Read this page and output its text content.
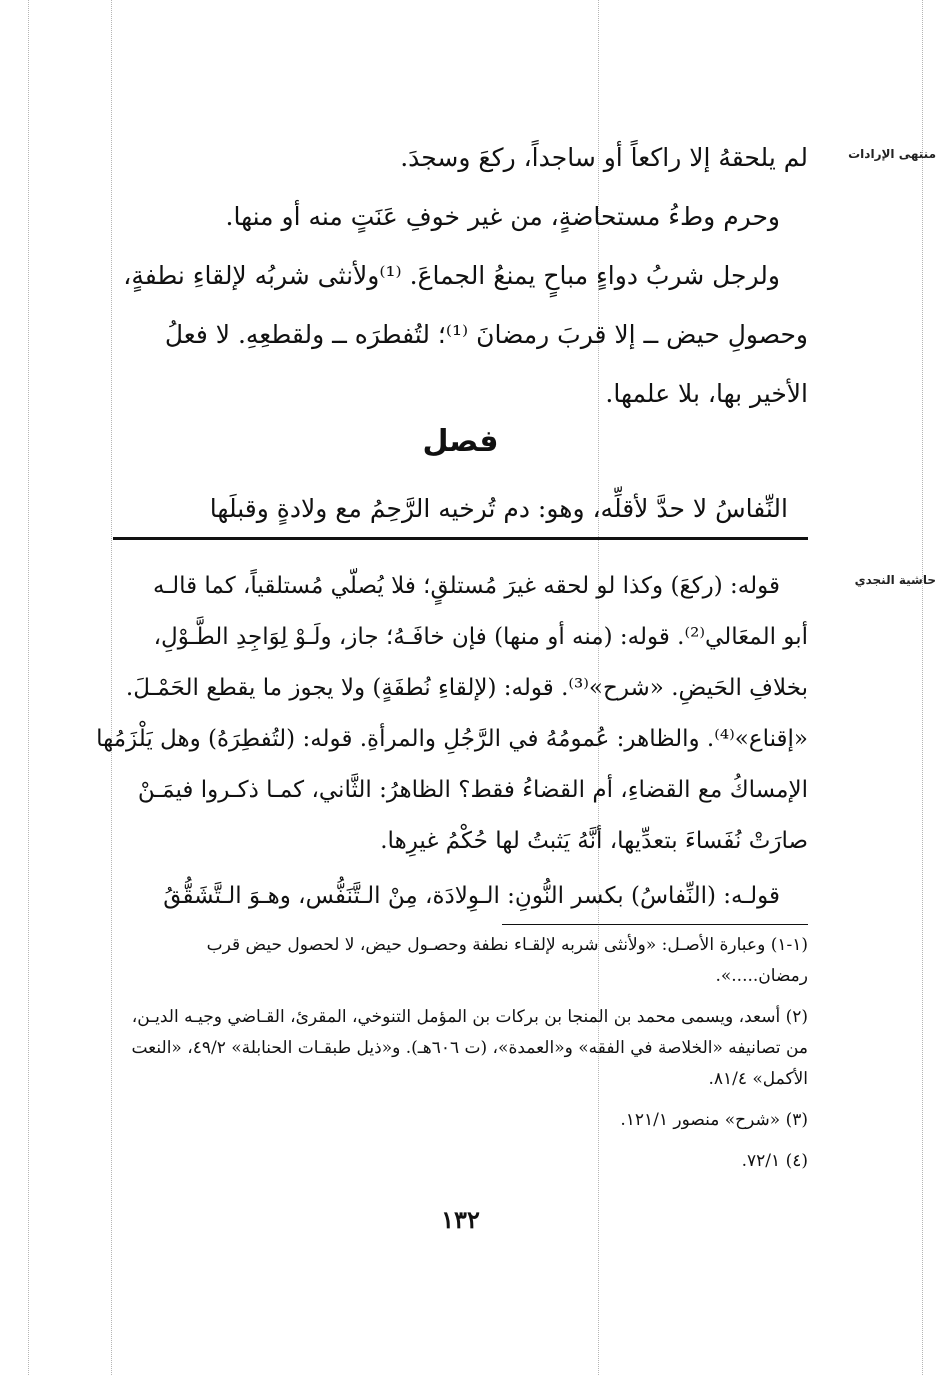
منتهى الإرادات
حاشية النجدي
لم يلحقهُ إلا راكعاً أو ساجداً، ركعَ وسجدَ.
وحرم وطءُ مستحاضةٍ، من غير خوفِ عَنَتٍ منه أو منها.
ولرجل شربُ دواءٍ مباحٍ يمنعُ الجماعَ. ⁽¹⁾ولأنثى شربُه لإلقاءِ نطفةٍ،
وحصولِ حيض ــ إلا قربَ رمضانَ ⁽¹⁾؛ لتُفطرَه ــ ولقطعِهِ. لا فعلُ
الأخير بها، بلا علمها.
فصل
النِّفاسُ لا حدَّ لأقلِّه، وهو: دم تُرخيه الرَّحِمُ مع ولادةٍ وقبلَها
قوله: (ركعَ) وكذا لو لحقه غيرَ مُستلقٍ؛ فلا يُصلّي مُستلقياً، كما قالـه
أبو المعَالي⁽²⁾. قوله: (منه أو منها) فإن خافَـهُ؛ جاز، ولَـوْ لِوَاجِدِ الطَّـوْلِ،
بخلافِ الحَيضِ. «شرح»⁽³⁾. قوله: (لإلقاءِ نُطفَةٍ) ولا يجوز ما يقطع الحَمْـلَ.
«إقناع»⁽⁴⁾. والظاهر: عُمومُهُ في الرَّجُلِ والمرأةِ. قوله: (لتُفطِرَهُ) وهل يَلْزَمُها
الإمساكُ مع القضاءِ، أم القضاءُ فقط؟ الظاهرُ: الثَّاني، كمـا ذكـروا فيمَـنْ
صارَتْ نُفَساءَ بتعدِّيها، أنَّهُ يَثبتُ لها حُكْمُ غيرِها.
قولـه: (النِّفاسُ) بكسر النُّونِ: الـوِلادَة، مِنْ الـتَّنَفُّس، وهـوَ الـتَّشَقُّقُ
(١-١) وعبارة الأصـل: «ولأنثى شربه لإلقـاء نطفة وحصـول حيض، لا لحصول حيض قرب
رمضان.....».
(٢) أسعد، ويسمى محمد بن المنجا بن بركات بن المؤمل التنوخي، المقرئ، القـاضي وجيـه الديـن،
من تصانيفه «الخلاصة في الفقه» و«العمدة»، (ت ٦٠٦هـ). و«ذيل طبقـات الحنابلة» ٤٩/٢، «النعت
الأكمل» ٨١/٤.
(٣) «شرح» منصور ١٢١/١.
(٤) ٧٢/١.
١٣٢
